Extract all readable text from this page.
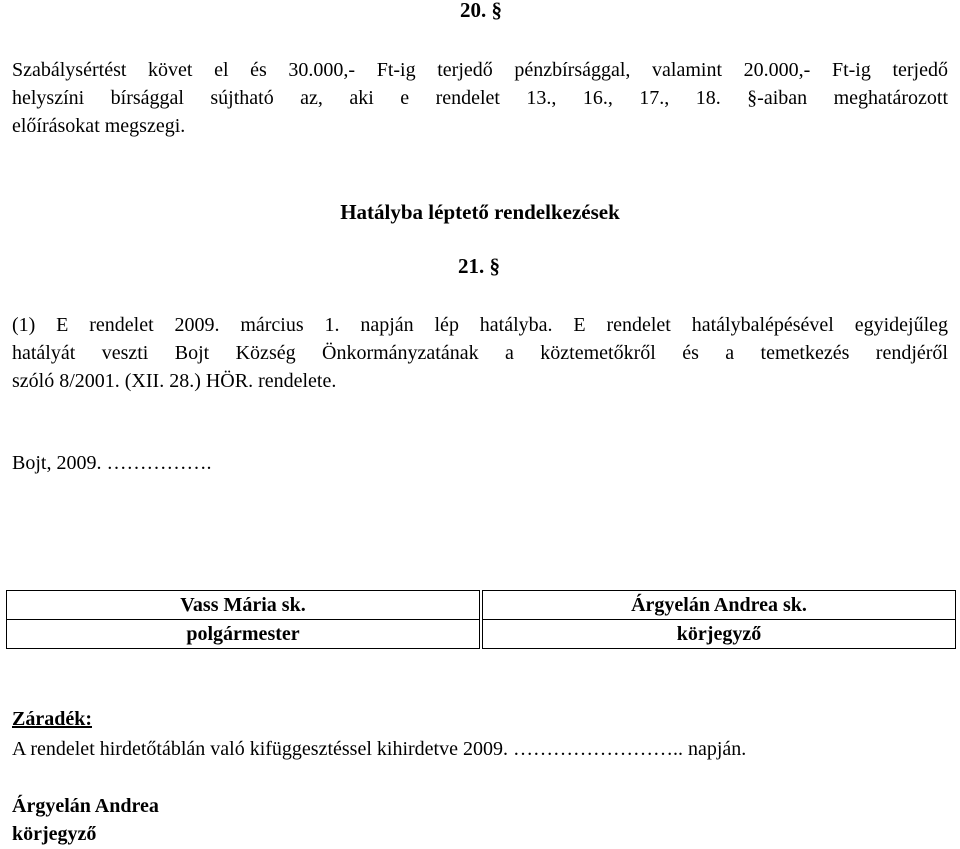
20. §
Szabálysértést követ el és 30.000,- Ft-ig terjedő pénzbírsággal, valamint 20.000,- Ft-ig terjedő
helyszíni bírsággal sújtható az, aki e rendelet 13., 16., 17., 18. §-aiban meghatározott
előírásokat megszegi.
Hatályba léptető rendelkezések
21. §
(1) E rendelet 2009. március 1. napján lép hatályba. E rendelet hatálybalépésével egyidejűleg
hatályát veszti Bojt Község Önkormányzatának a köztemetőkről és a temetkezés rendjéről
szóló 8/2001. (XII. 28.) HÖR. rendelete.
Bojt, 2009. …………….
Vass Mária sk.		Árgyelán Andrea sk.
polgármester		körjegyző
Záradék:
A rendelet hirdetőtáblán való kifüggesztéssel kihirdetve 2009. …………………….. napján.
Árgyelán Andrea
körjegyző
